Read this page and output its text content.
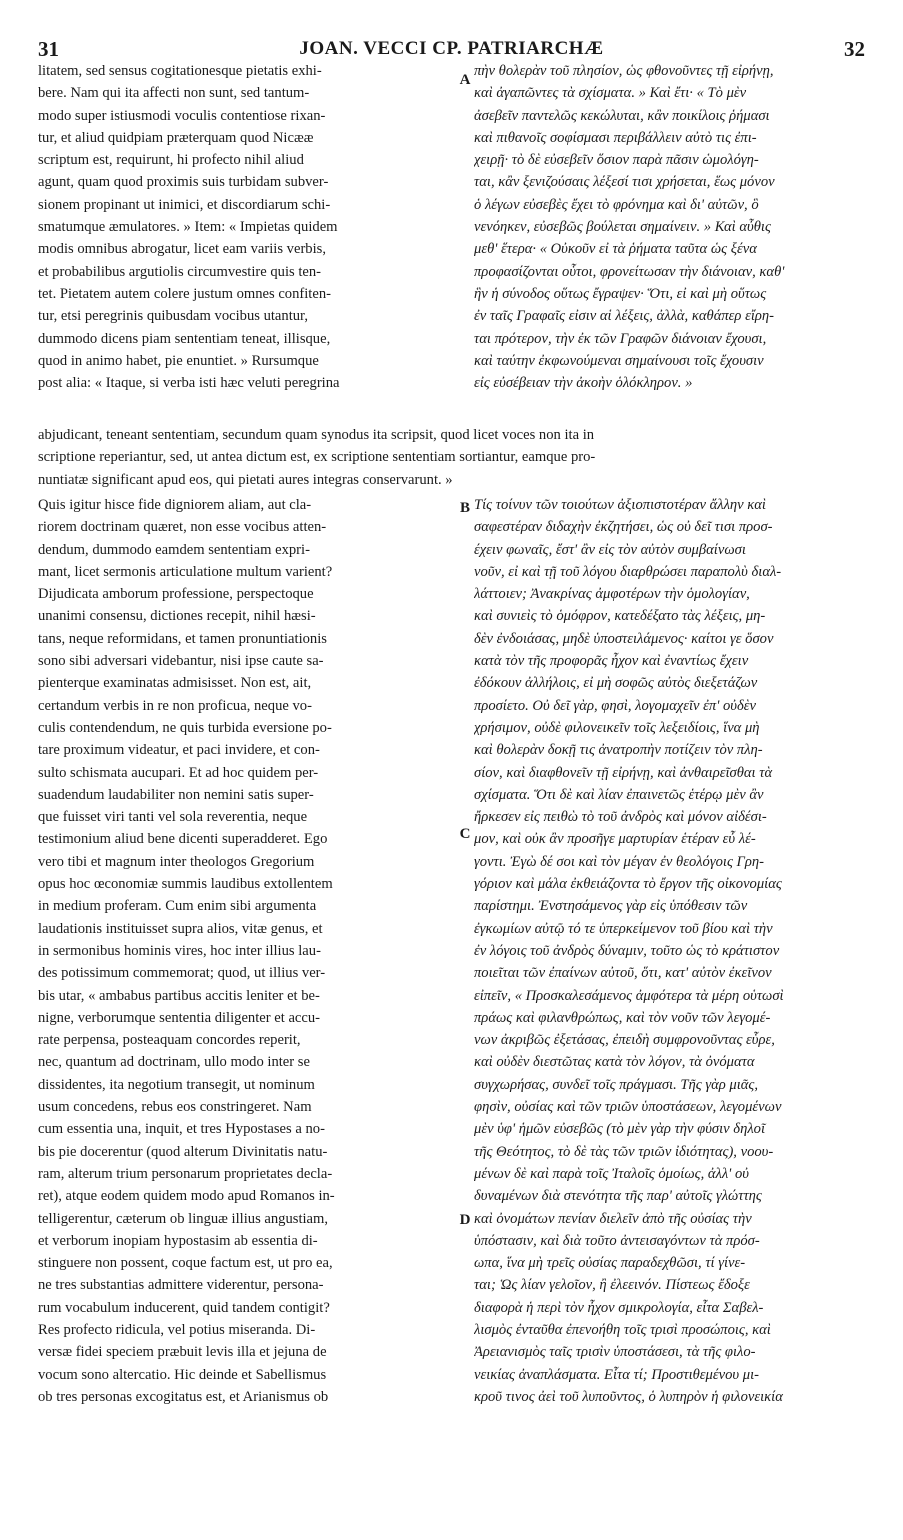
31	JOAN. VECCI CP. PATRIARCHÆ	32
litatem, sed sensus cogitationesque pietatis exhi-
bere. Nam qui ita affecti non sunt, sed tantum-
modo super istiusmodi voculis contentiose rixan-
tur, et aliud quidpiam præterquam quod Nicææ
scriptum est, requirunt, hi profecto nihil aliud
agunt, quam quod proximis suis turbidam subver-
sionem propinant ut inimici, et discordiarum schi-
smatumque æmulatores. » Item: « Impietas quidem
modis omnibus abrogatur, licet eam variis verbis,
et probabilibus argutiolis circumvestire quis ten-
tet. Pietatem autem colere justum omnes confiten-
tur, etsi peregrinis quibusdam vocibus utantur,
dummodo dicens piam sententiam teneat, illisque,
quod in animo habet, pie enuntiet. » Rursumque
post alia: « Itaque, si verba isti hæc veluti peregrina
πὴν θολερὰν τοῦ πλησίον, ὡς φθονοῦντες τῇ εἰρήνῃ,
καὶ ἀγαπῶντες τὰ σχίσματα. » Καὶ ἔτι· « Τὸ μὲν
ἀσεβεῖν παντελῶς κεκώλυται, κἂν ποικίλοις ῥήμασι
καὶ πιθανοῖς σοφίσμασι περιβάλλειν αὐτὸ τις ἐπι-
χειρῇ· τὸ δὲ εὐσεβεῖν ὅσιον παρὰ πᾶσιν ὡμολόγη-
ται, κἂν ξενιζούσαις λέξεσί τισι χρήσεται, ἕως μόνον
ὁ λέγων εὐσεβὲς ἔχει τὸ φρόνημα καὶ δι' αὐτῶν, ὃ
νενόηκεν, εὐσεβῶς βούλεται σημαίνειν. » Καὶ αὖθις
μεθ' ἕτερα· « Οὐκοῦν εἰ τὰ ῥήματα ταῦτα ὡς ξένα
προφασίζονται οὗτοι, φρονείτωσαν τὴν διάνοιαν, καθ'
ἣν ἡ σύνοδος οὕτως ἔγραψεν· Ὅτι, εἰ καὶ μὴ οὕτως
ἐν ταῖς Γραφαῖς εἰσιν αἱ λέξεις, ἀλλὰ, καθάπερ εἴρη-
ται πρότερον, τὴν ἐκ τῶν Γραφῶν διάνοιαν ἔχουσι,
καὶ ταύτην ἐκφωνούμεναι σημαίνουσι τοῖς ἔχουσιν
εἰς εὐσέβειαν τὴν ἀκοὴν ὁλόκληρον. »
abjudicant, teneant sententiam, secundum quam synodus ita scripsit, quod licet voces non ita in
scriptione reperiantur, sed, ut antea dictum est, ex scriptione sententiam sortiantur, eamque pro-
nuntiatæ significant apud eos, qui pietati aures integras conservarunt. »
Quis igitur hisce fide digniorem aliam, aut cla-
riorem doctrinam quæret, non esse vocibus atten-
dendum, dummodo eamdem sententiam expri-
mant, licet sermonis articulatione multum varient?
Dijudicata amborum professione, perspectoque
unanimi consensu, dictiones recepit, nihil hæsi-
tans, neque reformidans, et tamen pronuntiationis
sono sibi adversari videbantur, nisi ipse caute sa-
pienterque examinatas admisisset. Non est, ait,
certandum verbis in re non proficua, neque vo-
culis contendendum, ne quis turbida eversione po-
tare proximum videatur, et paci invidere, et con-
sulto schismata aucupari. Et ad hoc quidem per-
suadendum laudabiliter non nemini satis super-
que fuisset viri tanti vel sola reverentia, neque
testimonium aliud bene dicenti superadderet. Ego
vero tibi et magnum inter theologos Gregorium
opus hoc œconomiæ summis laudibus extollentem
in medium proferam. Cum enim sibi argumenta
laudationis instituisset supra alios, vitæ genus, et
in sermonibus hominis vires, hoc inter illius lau-
des potissimum commemorat; quod, ut illius ver-
bis utar, « ambabus partibus accitis leniter et be-
nigne, verborumque sententia diligenter et accu-
rate perpensa, posteaquam concordes reperit,
nec, quantum ad doctrinam, ullo modo inter se
dissidentes, ita negotium transegit, ut nominum
usum concedens, rebus eos constringeret. Nam
cum essentia una, inquit, et tres Hypostases a no-
bis pie docerentur (quod alterum Divinitatis natu-
ram, alterum trium personarum proprietates decla-
ret), atque eodem quidem modo apud Romanos in-
telligerentur, cæterum ob linguæ illius angustiam,
et verborum inopiam hypostasim ab essentia di-
stinguere non possent, coque factum est, ut pro ea,
ne tres substantias admittere viderentur, persona-
rum vocabulum inducerent, quid tandem contigit?
Res profecto ridicula, vel potius miseranda. Di-
versæ fidei speciem præbuit levis illa et jejuna de
vocum sono altercatio. Hic deinde et Sabellismus
ob tres personas excogitatus est, et Arianismus ob
Τίς τοίνυν τῶν τοιούτων ἀξιοπιστοτέραν ἄλλην καὶ
σαφεστέραν διδαχὴν ἐκζητήσει, ὡς οὐ δεῖ τισι προσ-
έχειν φωναῖς, ἔστ' ἂν εἰς τὸν αὐτὸν συμβαίνωσι
νοῦν, εἰ καὶ τῇ τοῦ λόγου διαρθρώσει παραπολὺ διαλ-
λάττοιεν; Ἀνακρίνας ἀμφοτέρων τὴν ὁμολογίαν,
καὶ συνιεὶς τὸ ὁμόφρον, κατεδέξατο τὰς λέξεις, μη-
δὲν ἐνδοιάσας, μηδὲ ὑποστειλάμενος· καίτοι γε ὅσον
κατὰ τὸν τῆς προφορᾶς ἦχον καὶ ἐναντίως ἔχειν
ἐδόκουν ἀλλήλοις, εἰ μὴ σοφῶς αὐτὸς διεξετάζων
προσίετο. Οὐ δεῖ γὰρ, φησὶ, λογομαχεῖν ἐπ' οὐδὲν
χρήσιμον, οὐδὲ φιλονεικεῖν τοῖς λεξειδίοις, ἵνα μὴ
καὶ θολερὰν δοκῇ τις ἀνατροπὴν ποτίζειν τὸν πλη-
σίον, καὶ διαφθονεῖν τῇ εἰρήνῃ, καὶ ἀνθαιρεῖσθαι τὰ
σχίσματα. Ὅτι δὲ καὶ λίαν ἐπαινετῶς ἑτέρῳ μὲν ἂν
ἤρκεσεν εἰς πειθὼ τὸ τοῦ ἀνδρὸς καὶ μόνον αἰδέσι-
μον, καὶ οὐκ ἂν προσῆγε μαρτυρίαν ἑτέραν εὖ λέ-
γοντι. Ἐγὼ δέ σοι καὶ τὸν μέγαν ἐν θεολόγοις Γρη-
γόριον καὶ μάλα ἐκθειάζοντα τὸ ἔργον τῆς οἰκονομίας
παρίστημι. Ἐνστησάμενος γὰρ εἰς ὑπόθεσιν τῶν
ἐγκωμίων αὐτῷ τό τε ὑπερκείμενον τοῦ βίου καὶ τὴν
ἐν λόγοις τοῦ ἀνδρὸς δύναμιν, τοῦτο ὡς τὸ κράτιστον
ποιεῖται τῶν ἐπαίνων αὐτοῦ, ὅτι, κατ' αὐτὸν ἐκεῖνον
εἰπεῖν, « Προσκαλεσάμενος ἀμφότερα τὰ μέρη οὑτωσὶ
πράως καὶ φιλανθρώπως, καὶ τὸν νοῦν τῶν λεγομέ-
νων ἀκριβῶς ἐξετάσας, ἐπειδὴ συμφρονοῦντας εὗρε,
καὶ οὐδὲν διεστῶτας κατὰ τὸν λόγον, τὰ ὀνόματα
συγχωρήσας, συνδεῖ τοῖς πράγμασι. Τῆς γὰρ μιᾶς,
φησὶν, οὐσίας καὶ τῶν τριῶν ὑποστάσεων, λεγομένων
μὲν ὑφ' ἡμῶν εὐσεβῶς (τὸ μὲν γὰρ τὴν φύσιν δηλοῖ
τῆς Θεότητος, τὸ δὲ τὰς τῶν τριῶν ἰδιότητας), νοου-
μένων δὲ καὶ παρὰ τοῖς Ἰταλοῖς ὁμοίως, ἀλλ' οὐ
δυναμένων διὰ στενότητα τῆς παρ' αὐτοῖς γλώττης
καὶ ὀνομάτων πενίαν διελεῖν ἀπὸ τῆς οὐσίας τὴν
ὑπόστασιν, καὶ διὰ τοῦτο ἀντεισαγόντων τὰ πρόσ-
ωπα, ἵνα μὴ τρεῖς οὐσίας παραδεχθῶσι, τί γίνε-
ται; Ὡς λίαν γελοῖον, ἢ ἐλεεινόν. Πίστεως ἔδοξε
διαφορὰ ἡ περὶ τὸν ἦχον σμικρολογία, εἶτα Σαβελ-
λισμὸς ἐνταῦθα ἐπενοήθη τοῖς τρισὶ προσώποις, καὶ
Ἀρειανισμὸς ταῖς τρισὶν ὑποστάσεσι, τὰ τῆς φιλο-
νεικίας ἀναπλάσματα. Εἶτα τί; Προστιθεμένου μι-
κροῦ τινος ἀεὶ τοῦ λυποῦντος, ὁ λυπηρὸν ἡ φιλονεικία
A
B
C
D
